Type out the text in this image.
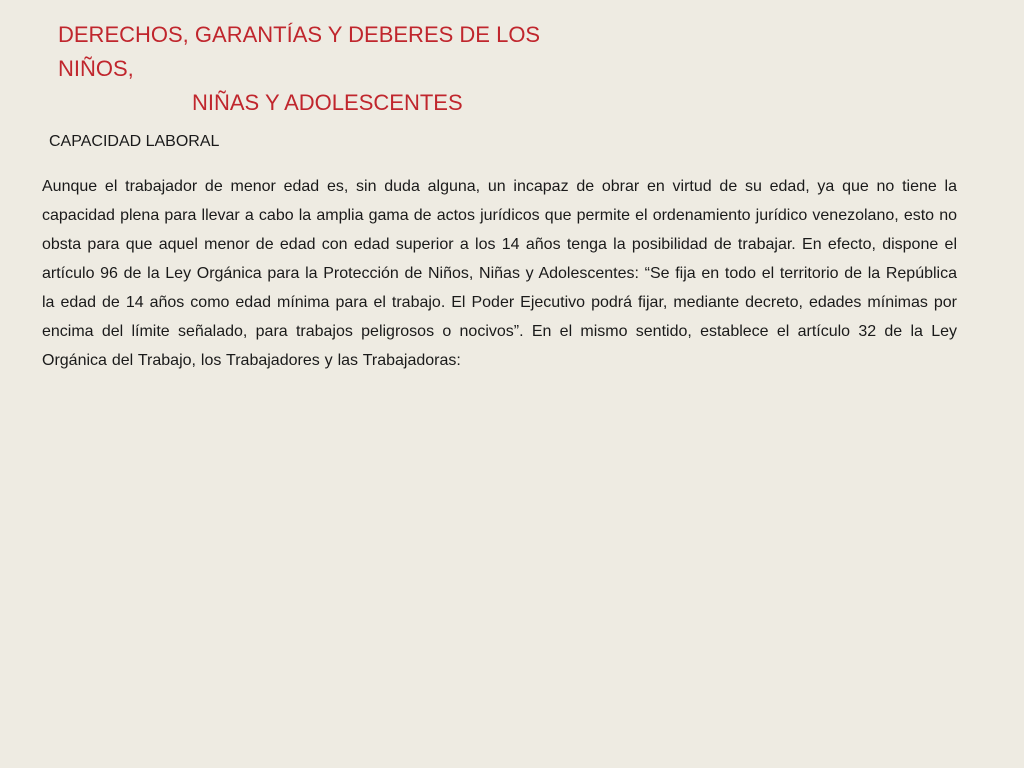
DERECHOS, GARANTÍAS Y DEBERES DE LOS NIÑOS,
NIÑAS Y ADOLESCENTES
CAPACIDAD LABORAL

Aunque el trabajador de menor edad es, sin duda alguna, un incapaz de obrar en virtud de su edad, ya que no tiene la capacidad plena para llevar a cabo la amplia gama de actos jurídicos que permite el ordenamiento jurídico venezolano, esto no obsta para que aquel menor de edad con edad superior a los 14 años tenga la posibilidad de trabajar. En efecto, dispone el artículo 96 de la Ley Orgánica para la Protección de Niños, Niñas y Adolescentes: “Se fija en todo el territorio de la República la edad de 14 años como edad mínima para el trabajo. El Poder Ejecutivo podrá fijar, mediante decreto, edades mínimas por encima del límite señalado, para trabajos peligrosos o nocivos”. En el mismo sentido, establece el artículo 32 de la Ley Orgánica del Trabajo, los Trabajadores y las Trabajadoras:
